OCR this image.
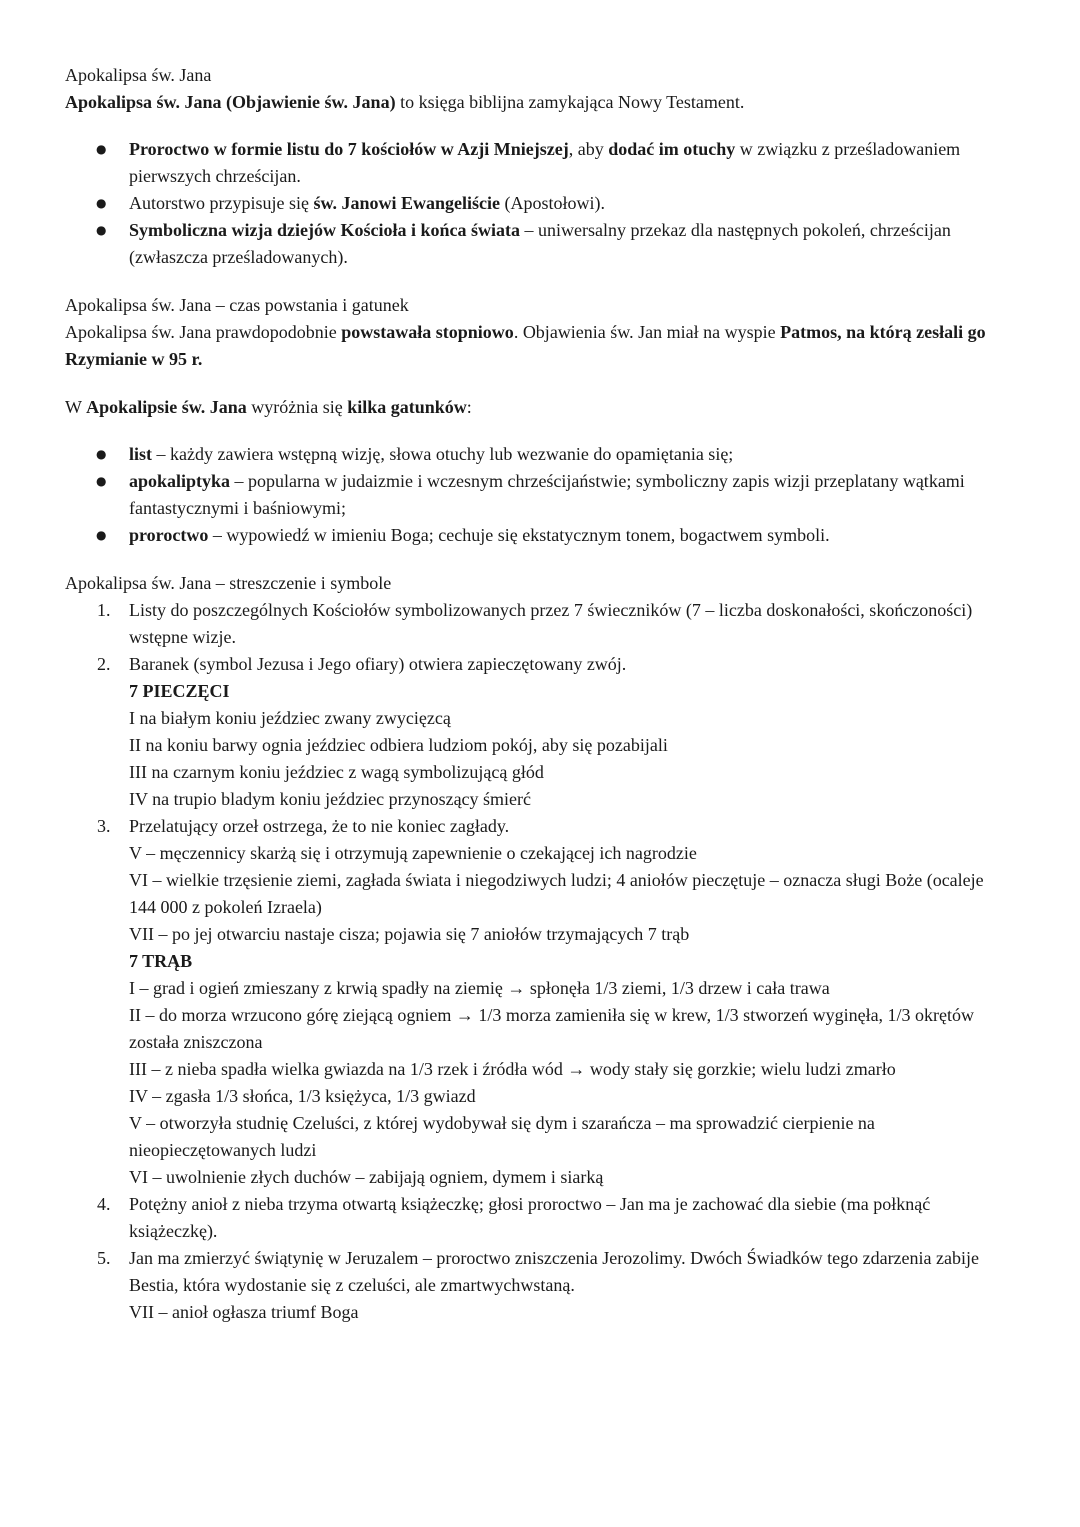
Apokalipsa św. Jana

Apokalipsa św. Jana (Objawienie św. Jana) to księga biblijna zamykająca Nowy Testament.

● Proroctwo w formie listu do 7 kościołów w Azji Mniejszej, aby dodać im otuchy w związku z prześladowaniem pierwszych chrześcijan.
● Autorstwo przypisuje się św. Janowi Ewangeliście (Apostołowi).
● Symboliczna wizja dziejów Kościoła i końca świata – uniwersalny przekaz dla następnych pokoleń, chrześcijan (zwłaszcza prześladowanych).

Apokalipsa św. Jana – czas powstania i gatunek

Apokalipsa św. Jana prawdopodobnie powstawała stopniowo. Objawienia św. Jan miał na wyspie Patmos, na którą zesłali go Rzymianie w 95 r.

W Apokalipsie św. Jana wyróżnia się kilka gatunków:

● list – każdy zawiera wstępną wizję, słowa otuchy lub wezwanie do opamiętania się;
● apokaliptyka – popularna w judaizmie i wczesnym chrześcijaństwie; symboliczny zapis wizji przeplatany wątkami fantastycznymi i baśniowymi;
● proroctwo – wypowiedź w imieniu Boga; cechuje się ekstatycznym tonem, bogactwem symboli.

Apokalipsa św. Jana – streszczenie i symbole

1. Listy do poszczególnych Kościołów symbolizowanych przez 7 świeczników (7 – liczba doskonałości, skończoności) wstępne wizje.

2. Baranek (symbol Jezusa i Jego ofiary) otwiera zapieczętowany zwój.

7 PIECZĘCI

I na białym koniu jeździec zwany zwycięzcą

II na koniu barwy ognia jeździec odbiera ludziom pokój, aby się pozabijali

III na czarnym koniu jeździec z wagą symbolizującą głód

IV na trupio bladym koniu jeździec przynoszący śmierć

3. Przelatujący orzeł ostrzega, że to nie koniec zagłady.

V – męczennicy skarżą się i otrzymują zapewnienie o czekającej ich nagrodzie

VI – wielkie trzęsienie ziemi, zagłada świata i niegodziwych ludzi; 4 aniołów pieczętuje – oznacza sługi Boże (ocaleje 144 000 z pokoleń Izraela)

VII – po jej otwarciu nastaje cisza; pojawia się 7 aniołów trzymających 7 trąb

7 TRĄB

I – grad i ogień zmieszany z krwią spadły na ziemię → spłonęła 1/3 ziemi, 1/3 drzew i cała trawa

II – do morza wrzucono górę ziejącą ogniem → 1/3 morza zamieniła się w krew, 1/3 stworzeń wyginęła, 1/3 okrętów została zniszczona

III – z nieba spadła wielka gwiazda na 1/3 rzek i źródła wód → wody stały się gorzkie; wielu ludzi zmarło

IV – zgasła 1/3 słońca, 1/3 księżyca, 1/3 gwiazd

V – otworzyła studnię Czeluści, z której wydobywał się dym i szarańcza – ma sprowadzić cierpienie na nieopieczętowanych ludzi

VI – uwolnienie złych duchów – zabijają ogniem, dymem i siarką

4. Potężny anioł z nieba trzyma otwartą książeczkę; głosi proroctwo – Jan ma je zachować dla siebie (ma połknąć książeczkę).

5. Jan ma zmierzyć świątynię w Jeruzalem – proroctwo zniszczenia Jerozolimy. Dwóch Świadków tego zdarzenia zabije Bestia, która wydostanie się z czeluści, ale zmartwychwstaną.

VII – anioł ogłasza triumf Boga
